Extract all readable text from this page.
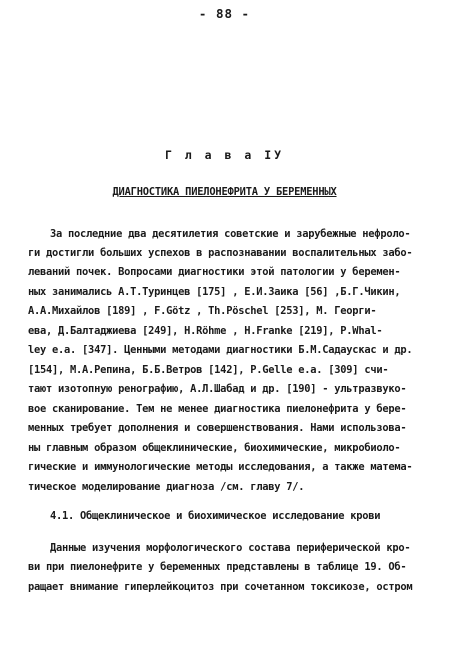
- 88 -
Г л а в а IУ
ДИАГНОСТИКА ПИЕЛОНЕФРИТА У БЕРЕМЕННЫХ
За последние два десятилетия советские и зарубежные нефроло-
ги достигли больших успехов в распознавании воспалительных забо-
леваний почек. Вопросами диагностики этой патологии у беремен-
ных занимались А.Т.Туринцев [175] , Е.И.Заика [56] ,Б.Г.Чикин,
А.А.Михайлов [189] , F.Götz , Th.Pöschel [253], М. Георги-
ева, Д.Балтаджиева [249], H.Röhme , H.Franke [219], P.Whal-
ley e.a. [347]. Ценными методами диагностики Б.М.Садаускас и др.
[154], М.А.Репина, Б.Б.Ветров [142], P.Gelle e.a. [309] счи-
тают изотопную ренографию, А.Л.Шабад и др. [190] - ультразвуко-
вое сканирование. Тем не менее диагностика пиелонефрита у бере-
менных требует дополнения и совершенствования. Нами использова-
ны главным образом общеклинические, биохимические, микробиоло-
гические и иммунологические методы исследования, а также матема-
тическое моделирование диагноза /см. главу 7/.
4.1. Общеклиническое и биохимическое исследование крови
Данные изучения морфологического состава периферической кро-
ви при пиелонефрите у беременных представлены в таблице 19. Об-
ращает внимание гиперлейкоцитоз при сочетанном токсикозе, остром
